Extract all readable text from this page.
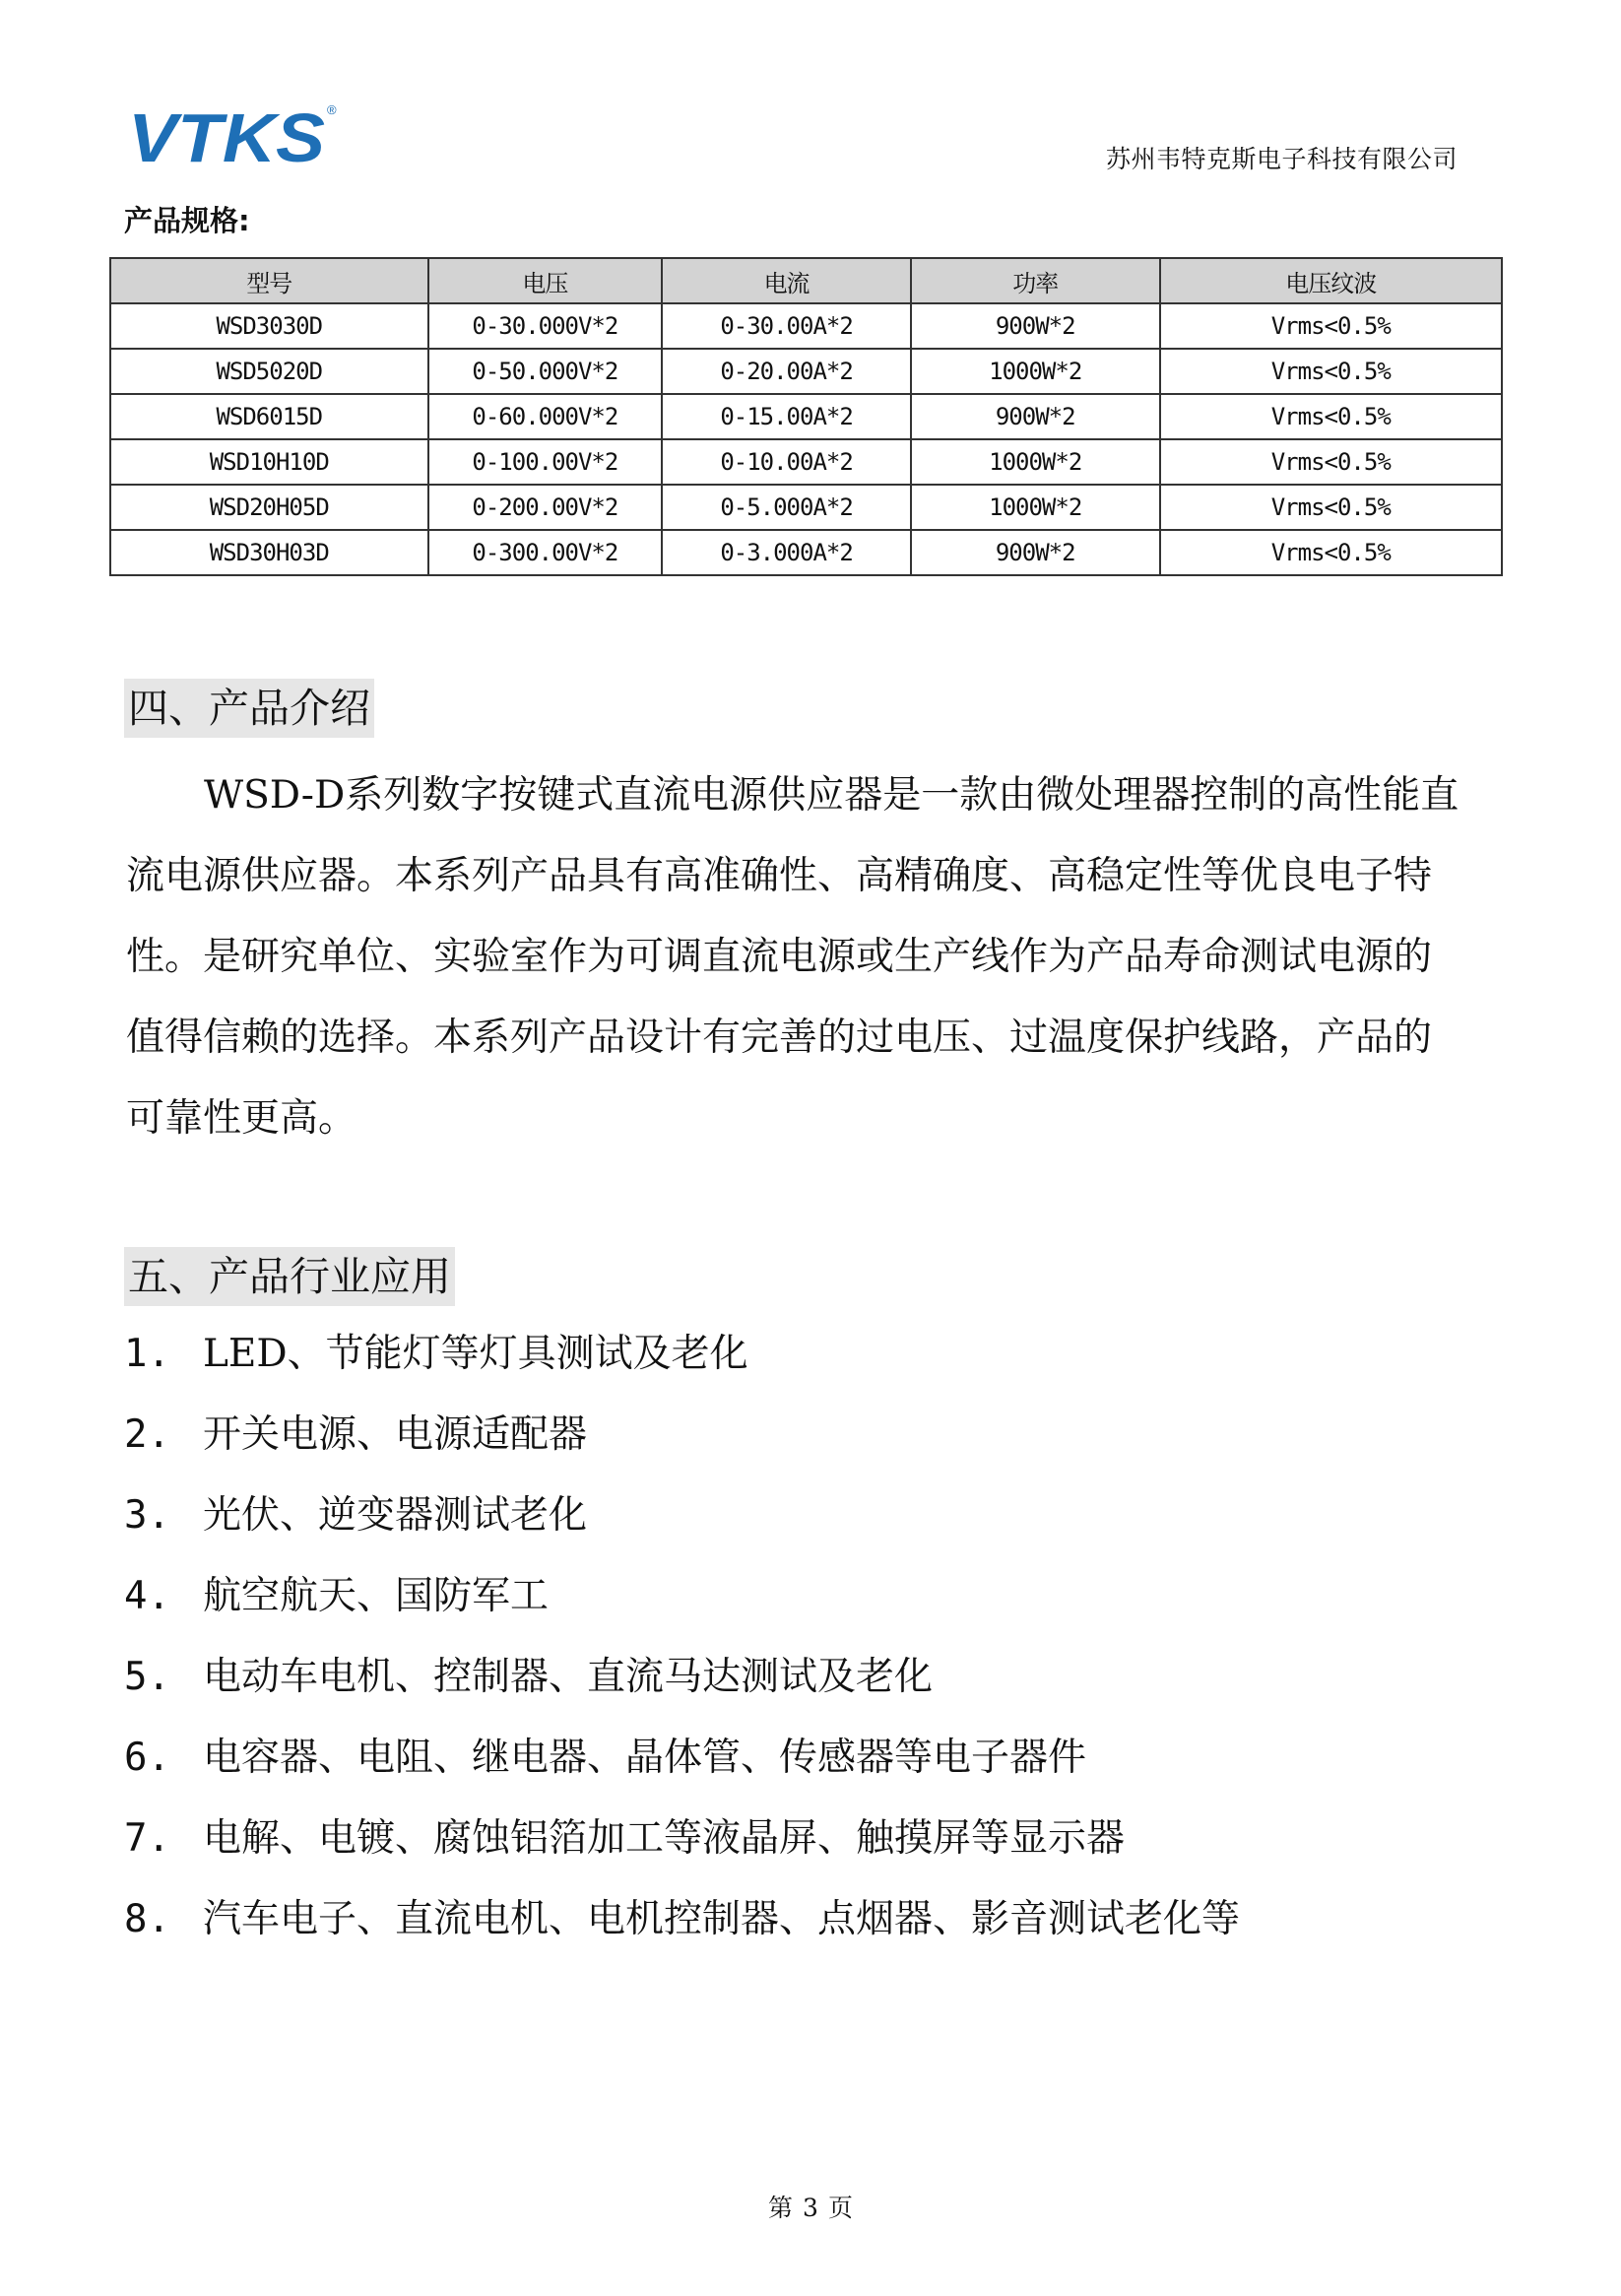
VTKS ®
苏州韦特克斯电子科技有限公司
产品规格:
型号	电压	电流	功率	电压纹波
WSD3030D	0-30.000V*2	0-30.00A*2	900W*2	Vrms<0.5%
WSD5020D	0-50.000V*2	0-20.00A*2	1000W*2	Vrms<0.5%
WSD6015D	0-60.000V*2	0-15.00A*2	900W*2	Vrms<0.5%
WSD10H10D	0-100.00V*2	0-10.00A*2	1000W*2	Vrms<0.5%
WSD20H05D	0-200.00V*2	0-5.000A*2	1000W*2	Vrms<0.5%
WSD30H03D	0-300.00V*2	0-3.000A*2	900W*2	Vrms<0.5%
四、产品介绍
WSD-D系列数字按键式直流电源供应器是一款由微处理器控制的高性能直流电源供应器。本系列产品具有高准确性、高精确度、高稳定性等优良电子特性。是研究单位、实验室作为可调直流电源或生产线作为产品寿命测试电源的值得信赖的选择。本系列产品设计有完善的过电压、过温度保护线路，产品的可靠性更高。
五、产品行业应用
1. LED、节能灯等灯具测试及老化
2. 开关电源、电源适配器
3. 光伏、逆变器测试老化
4. 航空航天、国防军工
5. 电动车电机、控制器、直流马达测试及老化
6. 电容器、电阻、继电器、晶体管、传感器等电子器件
7. 电解、电镀、腐蚀铝箔加工等液晶屏、触摸屏等显示器
8. 汽车电子、直流电机、电机控制器、点烟器、影音测试老化等
第 3 页
